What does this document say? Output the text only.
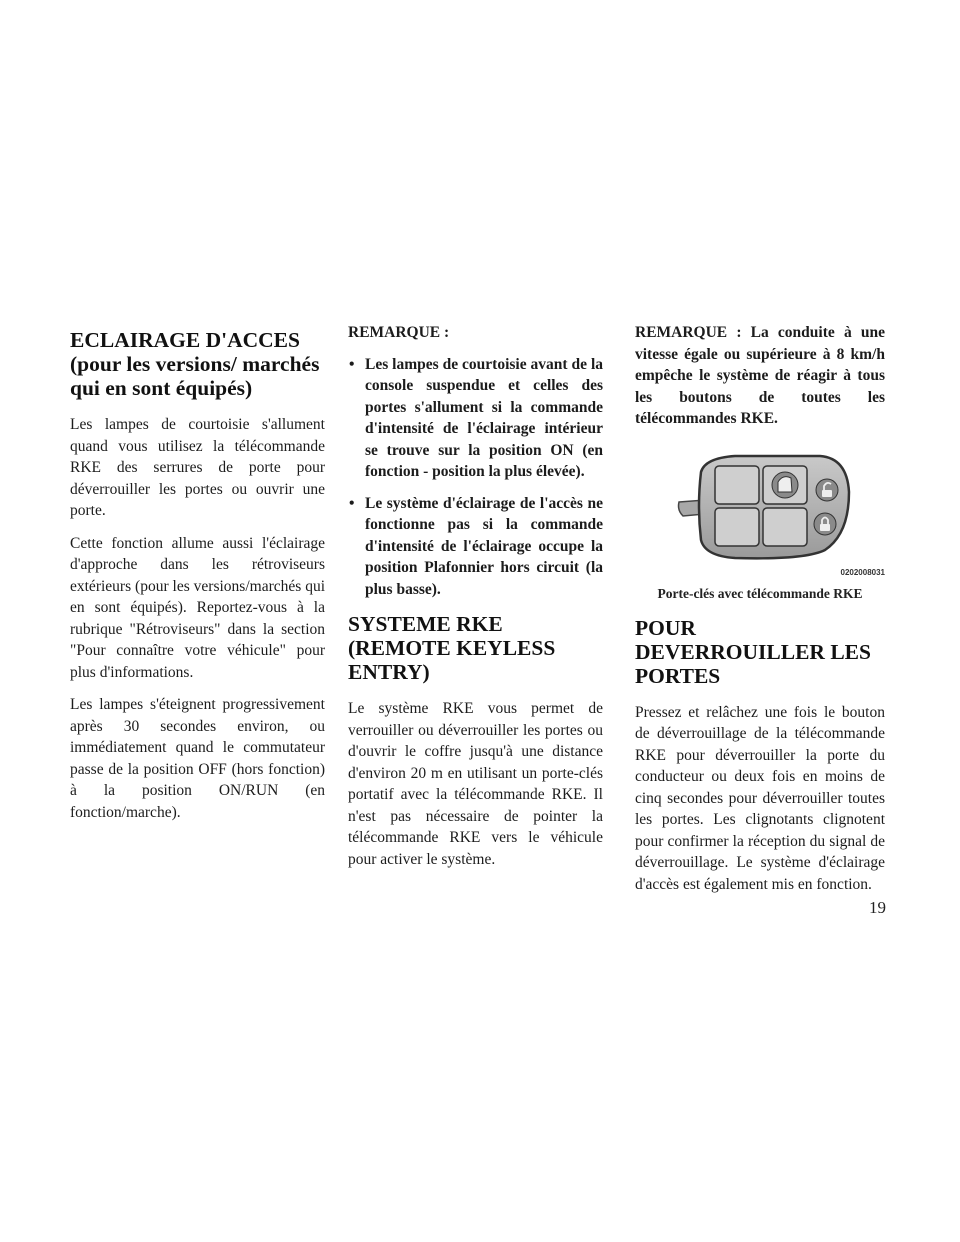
ECLAIRAGE D'ACCES (pour les versions/ marchés qui en sont équipés)

Les lampes de courtoisie s'allument quand vous utilisez la télécommande RKE des serrures de porte pour déverrouiller les portes ou ouvrir une porte.

Cette fonction allume aussi l'éclairage d'approche dans les rétroviseurs extérieurs (pour les versions/marchés qui en sont équipés). Reportez-vous à la rubrique "Rétroviseurs" dans la section "Pour connaître votre véhicule" pour plus d'informations.

Les lampes s'éteignent progressivement après 30 secondes environ, ou immédiatement quand le commutateur passe de la position OFF (hors fonction) à la position ON/RUN (en fonction/marche).

REMARQUE :
• Les lampes de courtoisie avant de la console suspendue et celles des portes s'allument si la commande d'intensité de l'éclairage intérieur se trouve sur la position ON (en fonction - position la plus élevée).
• Le système d'éclairage de l'accès ne fonctionne pas si la commande d'intensité de l'éclairage occupe la position Plafonnier hors circuit (la plus basse).
SYSTEME RKE (REMOTE KEYLESS ENTRY)

Le système RKE vous permet de verrouiller ou déverrouiller les portes ou d'ouvrir le coffre jusqu'à une distance d'environ 20 m en utilisant un porte-clés portatif avec la télécommande RKE. Il n'est pas nécessaire de pointer la télécommande RKE vers le véhicule pour activer le système.

REMARQUE : La conduite à une vitesse égale ou supérieure à 8 km/h empêche le système de réagir à tous les boutons de toutes les télécommandes RKE.
0202008031
Porte-clés avec télécommande RKE
POUR DEVERROUILLER LES PORTES

Pressez et relâchez une fois le bouton de déverrouillage de la télécommande RKE pour déverrouiller la porte du conducteur ou deux fois en moins de cinq secondes pour déverrouiller toutes les portes. Les clignotants clignotent pour confirmer la réception du signal de déverrouillage. Le système d'éclairage d'accès est également mis en fonction.

19
